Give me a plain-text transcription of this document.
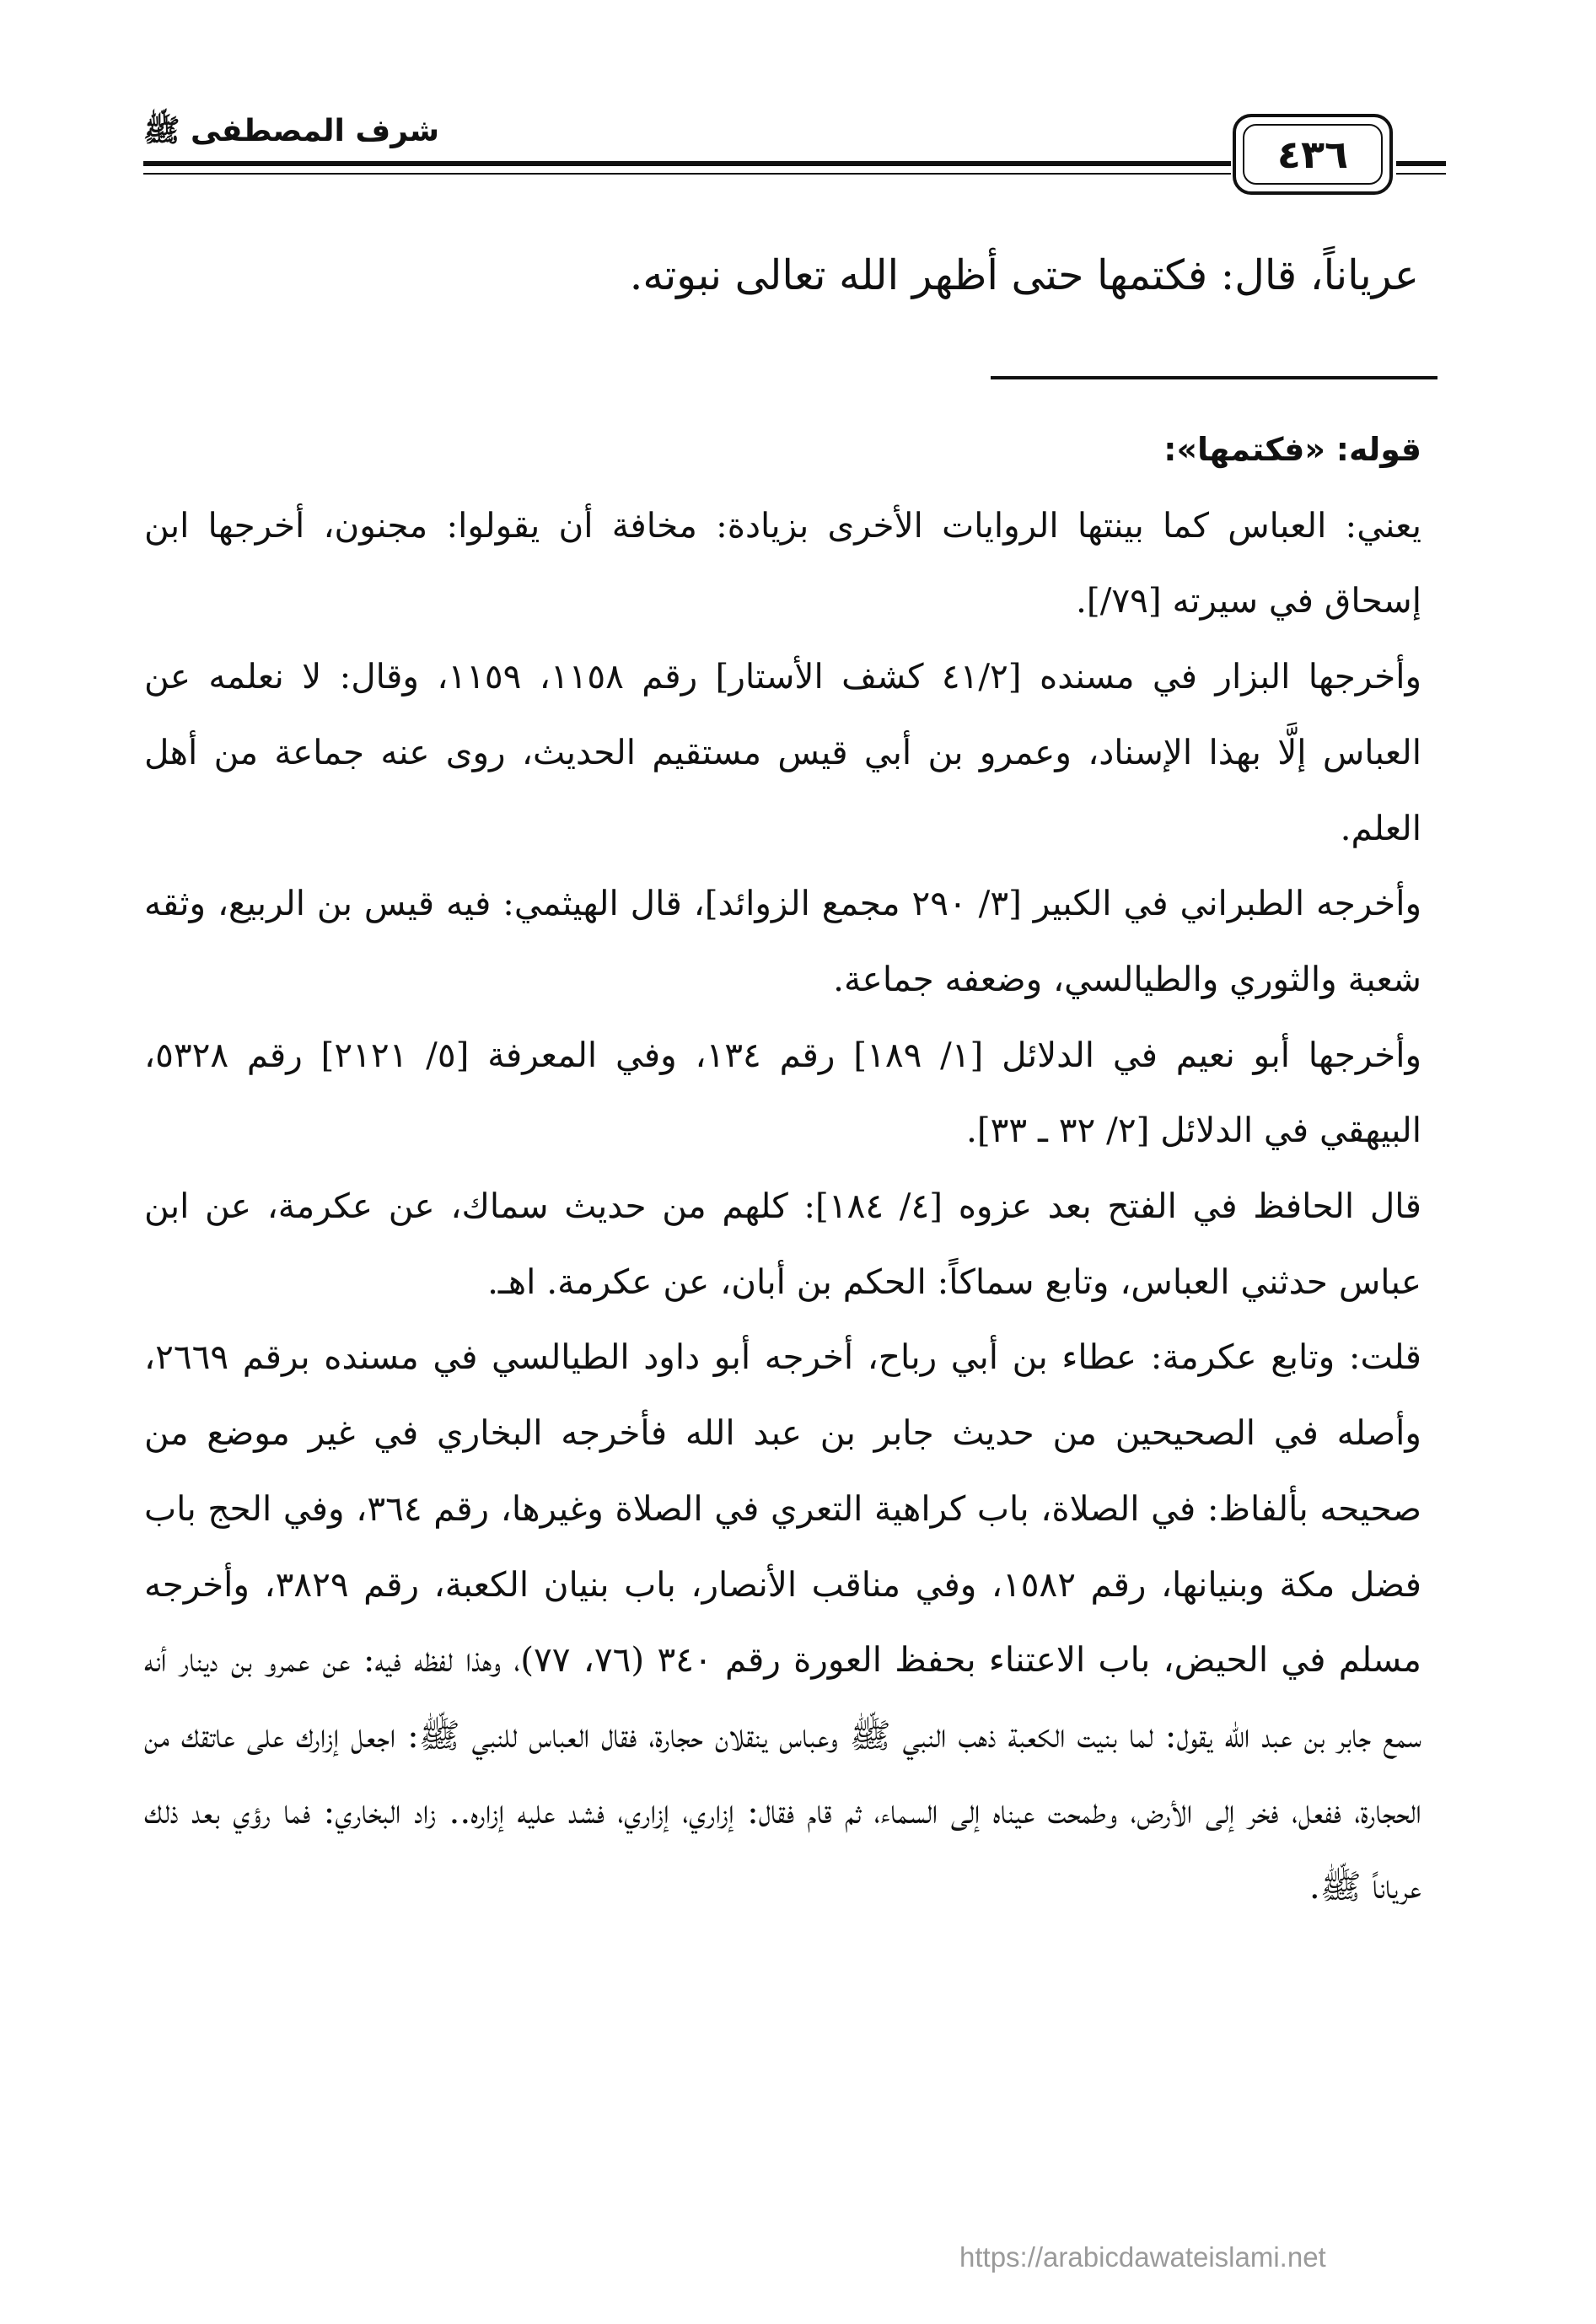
شرف المصطفى ﷺ
٤٣٦

عرياناً، قال: فكتمها حتى أظهر الله تعالى نبوته.

قوله: «فكتمها»:

يعني: العباس كما بينتها الروايات الأخرى بزيادة: مخافة أن يقولوا: مجنون، أخرجها ابن إسحاق في سيرته [٧٩/].

وأخرجها البزار في مسنده [٤١/٢ كشف الأستار] رقم ١١٥٨، ١١٥٩، وقال: لا نعلمه عن العباس إلَّا بهذا الإسناد، وعمرو بن أبي قيس مستقيم الحديث، روى عنه جماعة من أهل العلم.

وأخرجه الطبراني في الكبير [٣/ ٢٩٠ مجمع الزوائد]، قال الهيثمي: فيه قيس بن الربيع، وثقه شعبة والثوري والطيالسي، وضعفه جماعة.

وأخرجها أبو نعيم في الدلائل [١/ ١٨٩] رقم ١٣٤، وفي المعرفة [٥/ ٢١٢١] رقم ٥٣٢٨، البيهقي في الدلائل [٢/ ٣٢ ـ ٣٣].

قال الحافظ في الفتح بعد عزوه [٤/ ١٨٤]: كلهم من حديث سماك، عن عكرمة، عن ابن عباس حدثني العباس، وتابع سماكاً: الحكم بن أبان، عن عكرمة. اهـ.

قلت: وتابع عكرمة: عطاء بن أبي رباح، أخرجه أبو داود الطيالسي في مسنده برقم ٢٦٦٩، وأصله في الصحيحين من حديث جابر بن عبد الله فأخرجه البخاري في غير موضع من صحيحه بألفاظ: في الصلاة، باب كراهية التعري في الصلاة وغيرها، رقم ٣٦٤، وفي الحج باب فضل مكة وبنيانها، رقم ١٥٨٢، وفي مناقب الأنصار، باب بنيان الكعبة، رقم ٣٨٢٩، وأخرجه مسلم في الحيض، باب الاعتناء بحفظ العورة رقم ٣٤٠ (٧٦، ٧٧)، وهذا لفظه فيه: عن عمرو بن دينار أنه سمع جابر بن عبد الله يقول: لما بنيت الكعبة ذهب النبي ﷺ وعباس ينقلان حجارة، فقال العباس للنبي ﷺ: اجعل إزارك على عاتقك من الحجارة، ففعل، فخر إلى الأرض، وطمحت عيناه إلى السماء، ثم قام فقال: إزاري، إزاري، فشد عليه إزاره.. زاد البخاري: فما رؤي بعد ذلك عرياناً ﷺ.

https://arabicdawateislami.net
